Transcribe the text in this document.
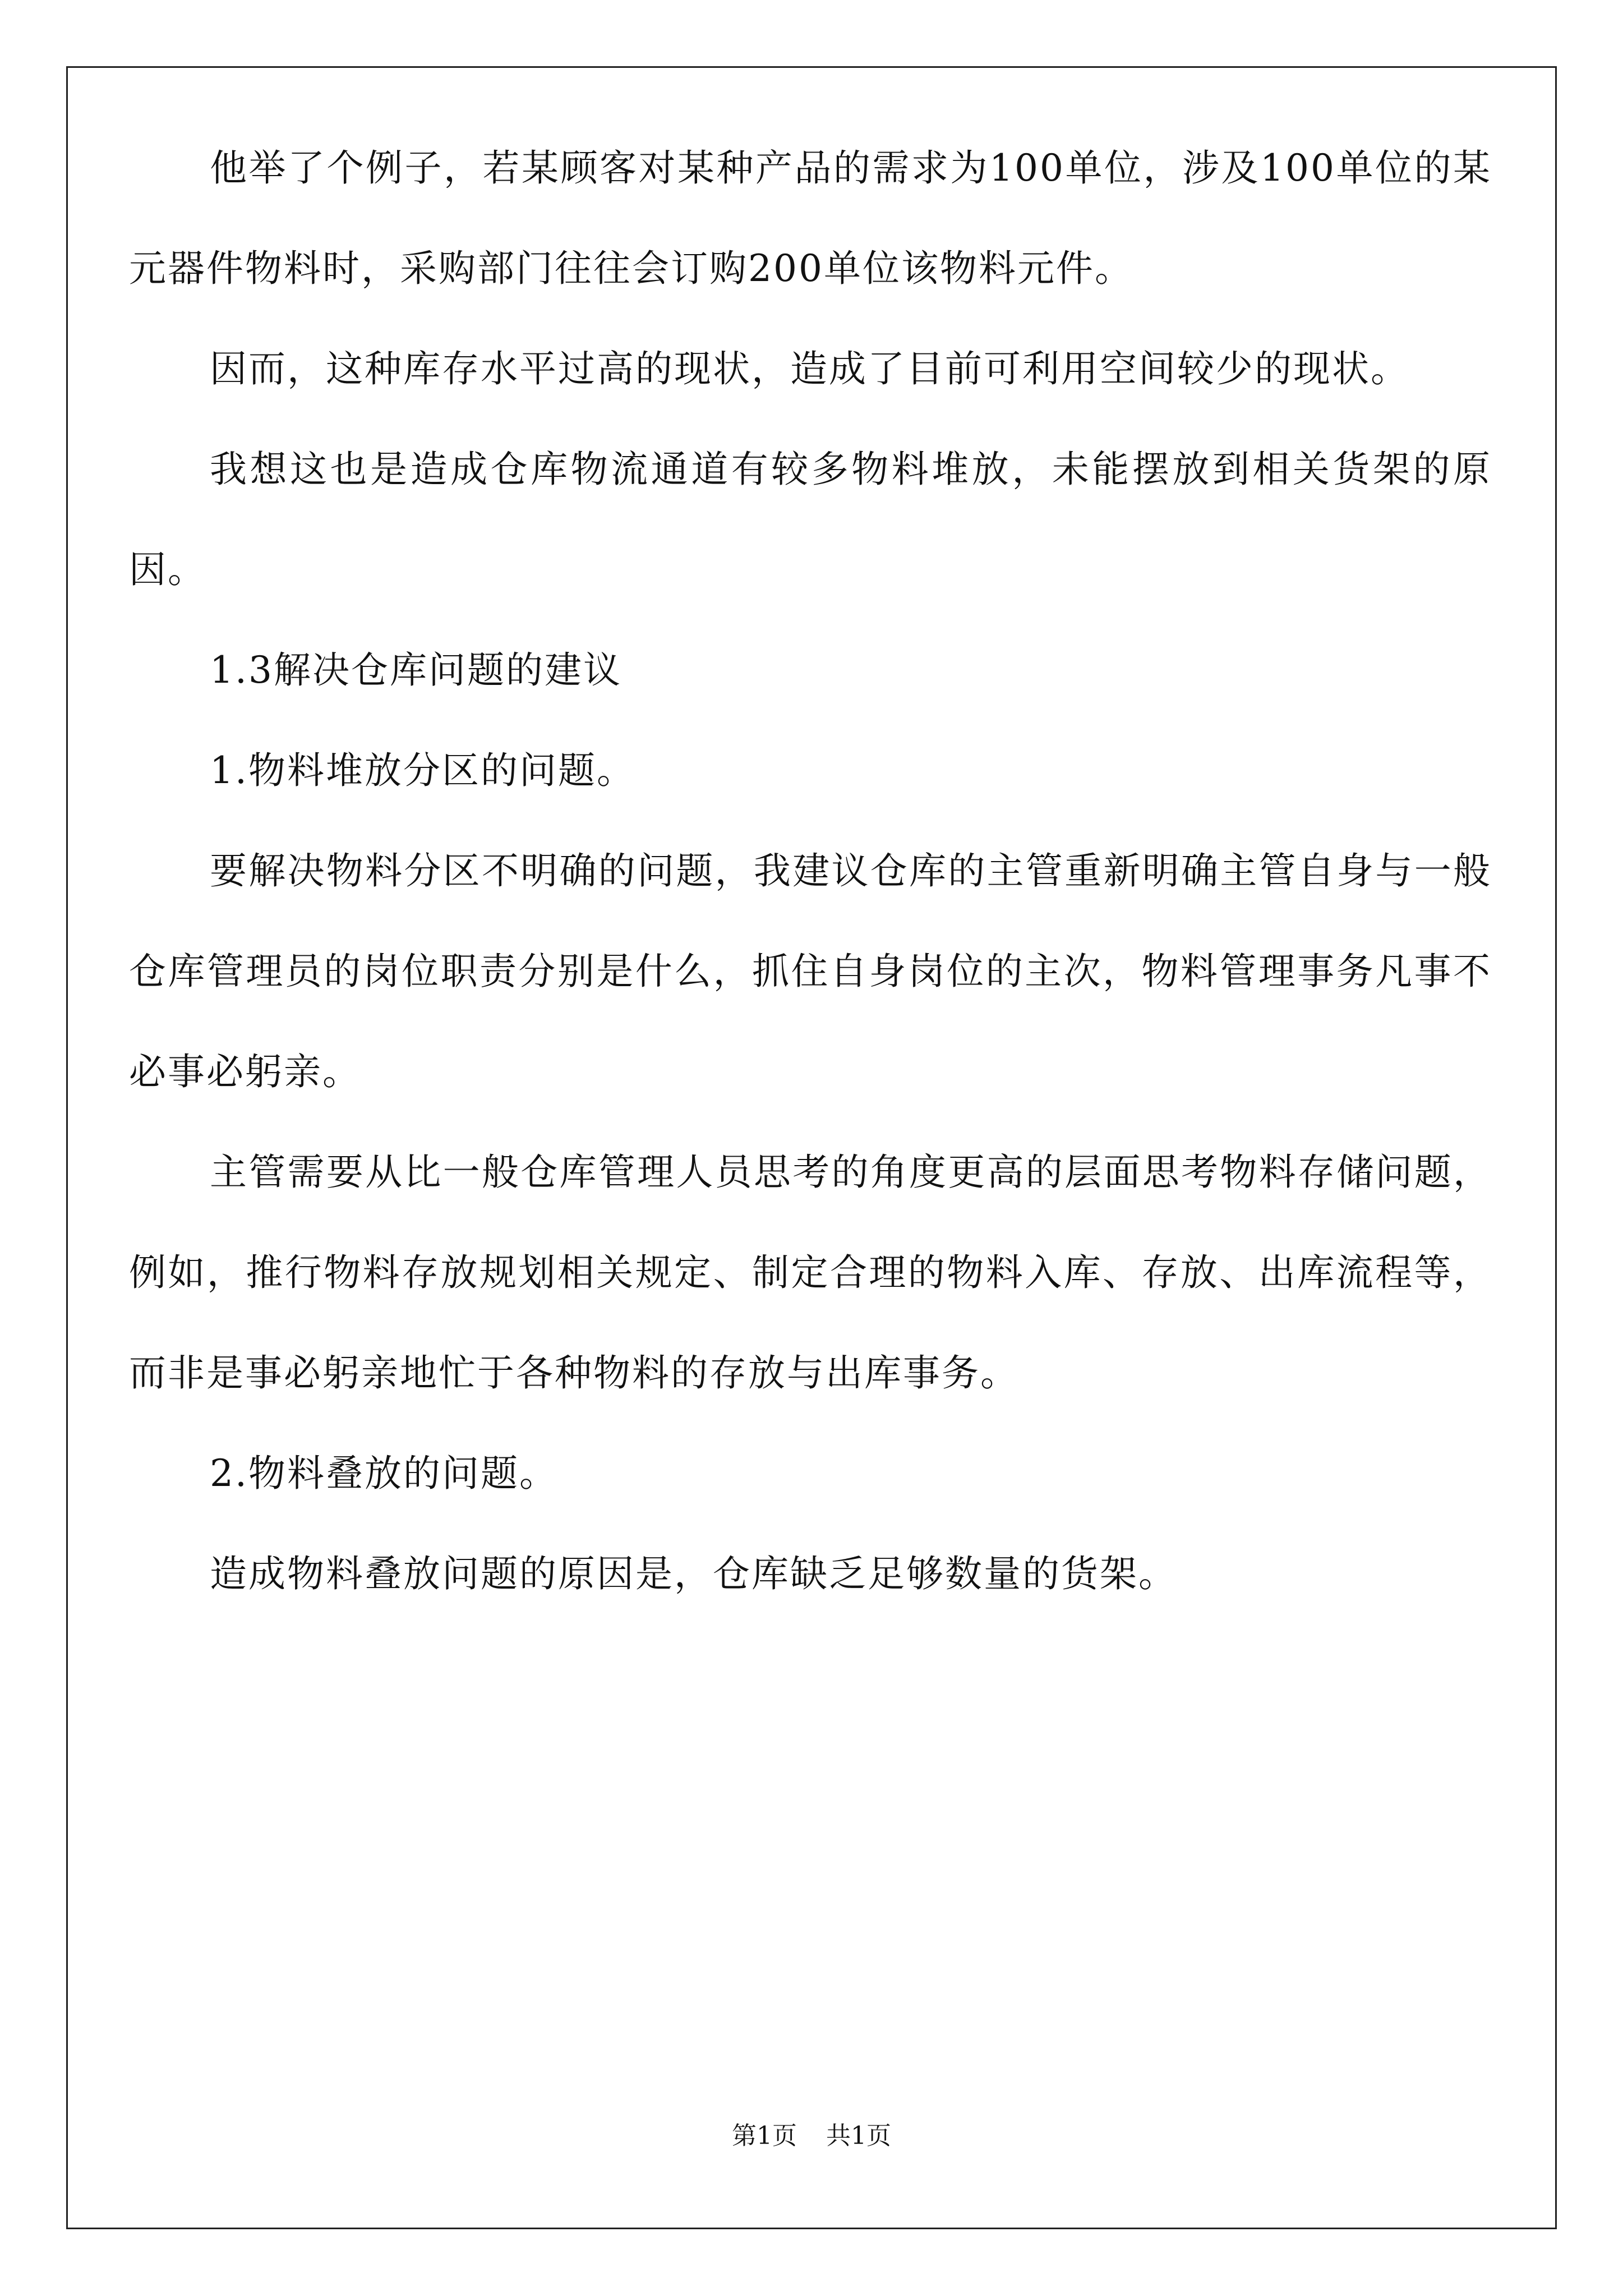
他举了个例子，若某顾客对某种产品的需求为100单位，涉及100单位的某元器件物料时，采购部门往往会订购200单位该物料元件。

因而，这种库存水平过高的现状，造成了目前可利用空间较少的现状。

我想这也是造成仓库物流通道有较多物料堆放，未能摆放到相关货架的原因。

1.3解决仓库问题的建议

1.物料堆放分区的问题。

要解决物料分区不明确的问题，我建议仓库的主管重新明确主管自身与一般仓库管理员的岗位职责分别是什么，抓住自身岗位的主次，物料管理事务凡事不必事必躬亲。

主管需要从比一般仓库管理人员思考的角度更高的层面思考物料存储问题，例如，推行物料存放规划相关规定、制定合理的物料入库、存放、出库流程等，而非是事必躬亲地忙于各种物料的存放与出库事务。

2.物料叠放的问题。

造成物料叠放问题的原因是，仓库缺乏足够数量的货架。

第1页 共1页
